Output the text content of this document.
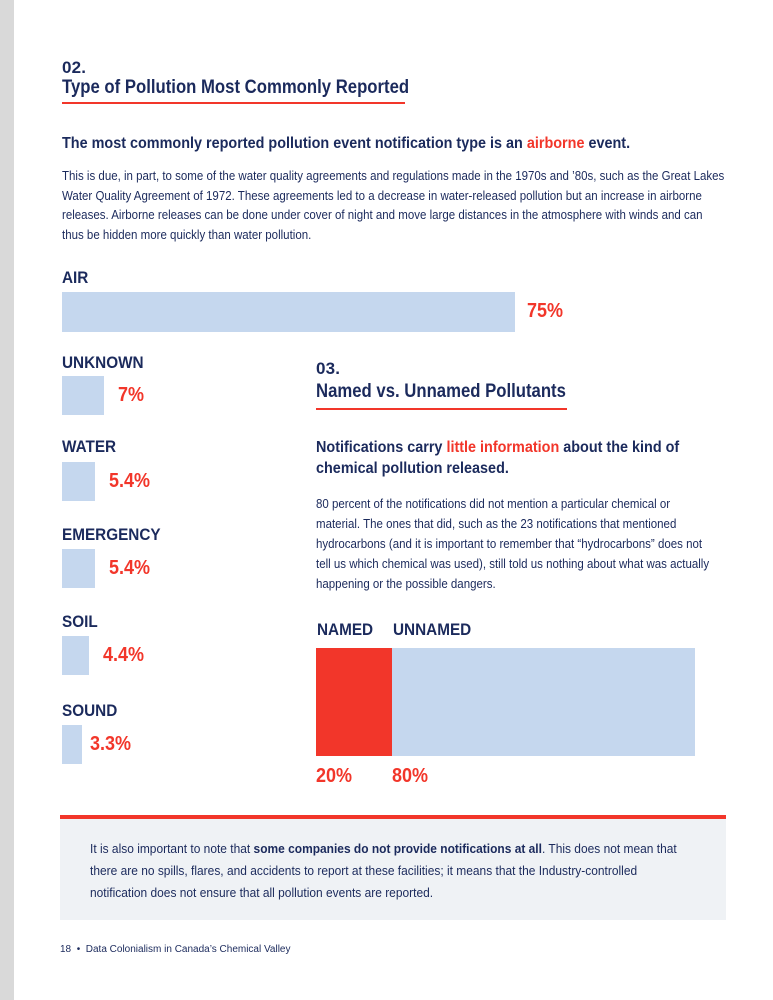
02.
Type of Pollution Most Commonly Reported
The most commonly reported pollution event notification type is an airborne event.
This is due, in part, to some of the water quality agreements and regulations made in the 1970s and ’80s, such as the Great Lakes Water Quality Agreement of 1972. These agreements led to a decrease in water-released pollution but an increase in airborne releases. Airborne releases can be done under cover of night and move large distances in the atmosphere with winds and can thus be hidden more quickly than water pollution.
AIR
75%
UNKNOWN
7%
WATER
5.4%
EMERGENCY
5.4%
SOIL
4.4%
SOUND
3.3%
03.
Named vs. Unnamed Pollutants
Notifications carry little information about the kind of
chemical pollution released.
80 percent of the notifications did not mention a particular chemical or material. The ones that did, such as the 23 notifications that mentioned hydrocarbons (and it is important to remember that “hydrocarbons” does not tell us which chemical was used), still told us nothing about what was actually happening or the possible dangers.
NAMED
20%
UNNAMED
80%
It is also important to note that some companies do not provide notifications at all. This does not mean that there are no spills, flares, and accidents to report at these facilities; it means that the Industry-controlled notification does not ensure that all pollution events are reported.
18 • Data Colonialism in Canada’s Chemical Valley
